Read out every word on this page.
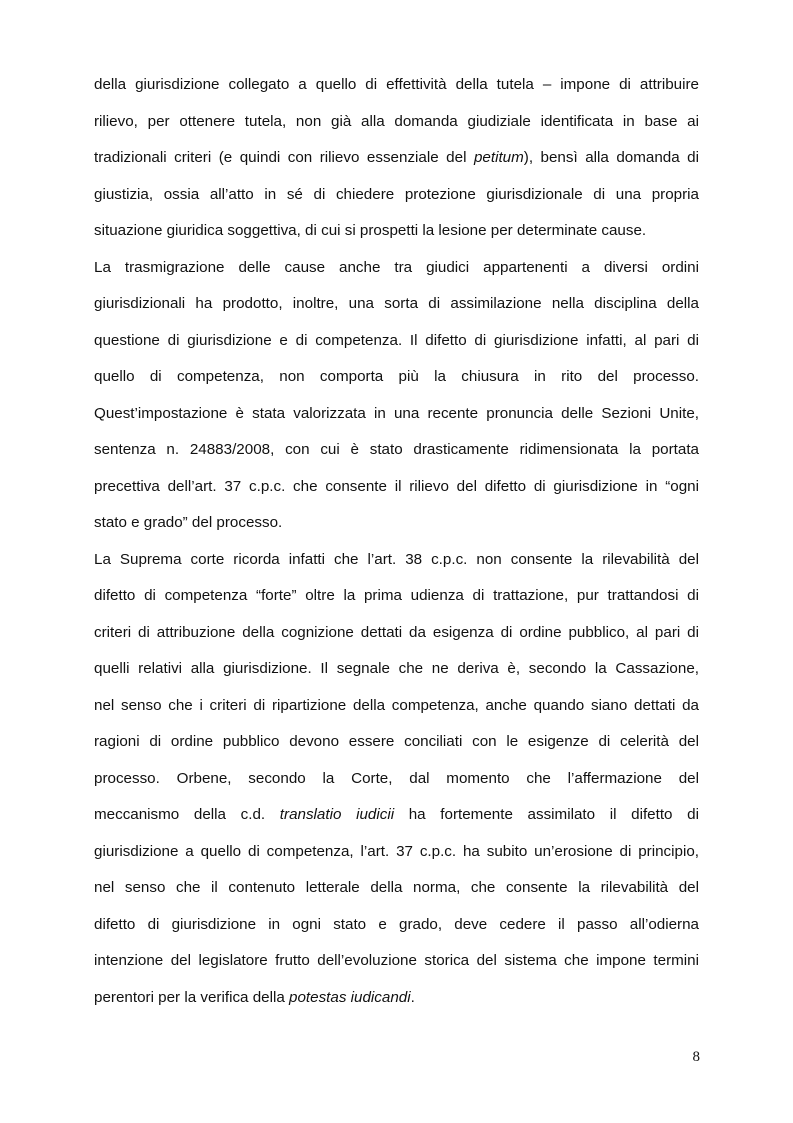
della giurisdizione collegato a quello di effettività della tutela – impone di attribuire
rilievo, per ottenere tutela, non già alla domanda giudiziale identificata in base ai
tradizionali criteri (e quindi con rilievo essenziale del petitum), bensì alla domanda di
giustizia, ossia all’atto in sé di chiedere protezione giurisdizionale di una propria
situazione giuridica soggettiva, di cui si prospetti la lesione per determinate cause.
La trasmigrazione delle cause anche tra giudici appartenenti a diversi ordini
giurisdizionali ha prodotto, inoltre, una sorta di assimilazione nella disciplina della
questione di giurisdizione e di competenza. Il difetto di giurisdizione infatti, al pari di
quello di competenza, non comporta più la chiusura in rito del processo.
Quest’impostazione è stata valorizzata in una recente pronuncia delle Sezioni Unite,
sentenza n. 24883/2008, con cui è stato drasticamente ridimensionata la portata
precettiva dell’art. 37 c.p.c. che consente il rilievo del difetto di giurisdizione in “ogni
stato e grado” del processo.
La Suprema corte ricorda infatti che l’art. 38 c.p.c. non consente la rilevabilità del
difetto di competenza “forte” oltre la prima udienza di trattazione, pur trattandosi di
criteri di attribuzione della cognizione dettati da esigenza di ordine pubblico, al pari di
quelli relativi alla giurisdizione. Il segnale che ne deriva è, secondo la Cassazione,
nel senso che i criteri di ripartizione della competenza, anche quando siano dettati da
ragioni di ordine pubblico devono essere conciliati con le esigenze di celerità del
processo. Orbene, secondo la Corte, dal momento che l’affermazione del
meccanismo della c.d. translatio iudicii ha fortemente assimilato il difetto di
giurisdizione a quello di competenza, l’art. 37 c.p.c. ha subito un’erosione di principio,
nel senso che il contenuto letterale della norma, che consente la rilevabilità del
difetto di giurisdizione in ogni stato e grado, deve cedere il passo all’odierna
intenzione del legislatore frutto dell’evoluzione storica del sistema che impone termini
perentori per la verifica della potestas iudicandi.
8
